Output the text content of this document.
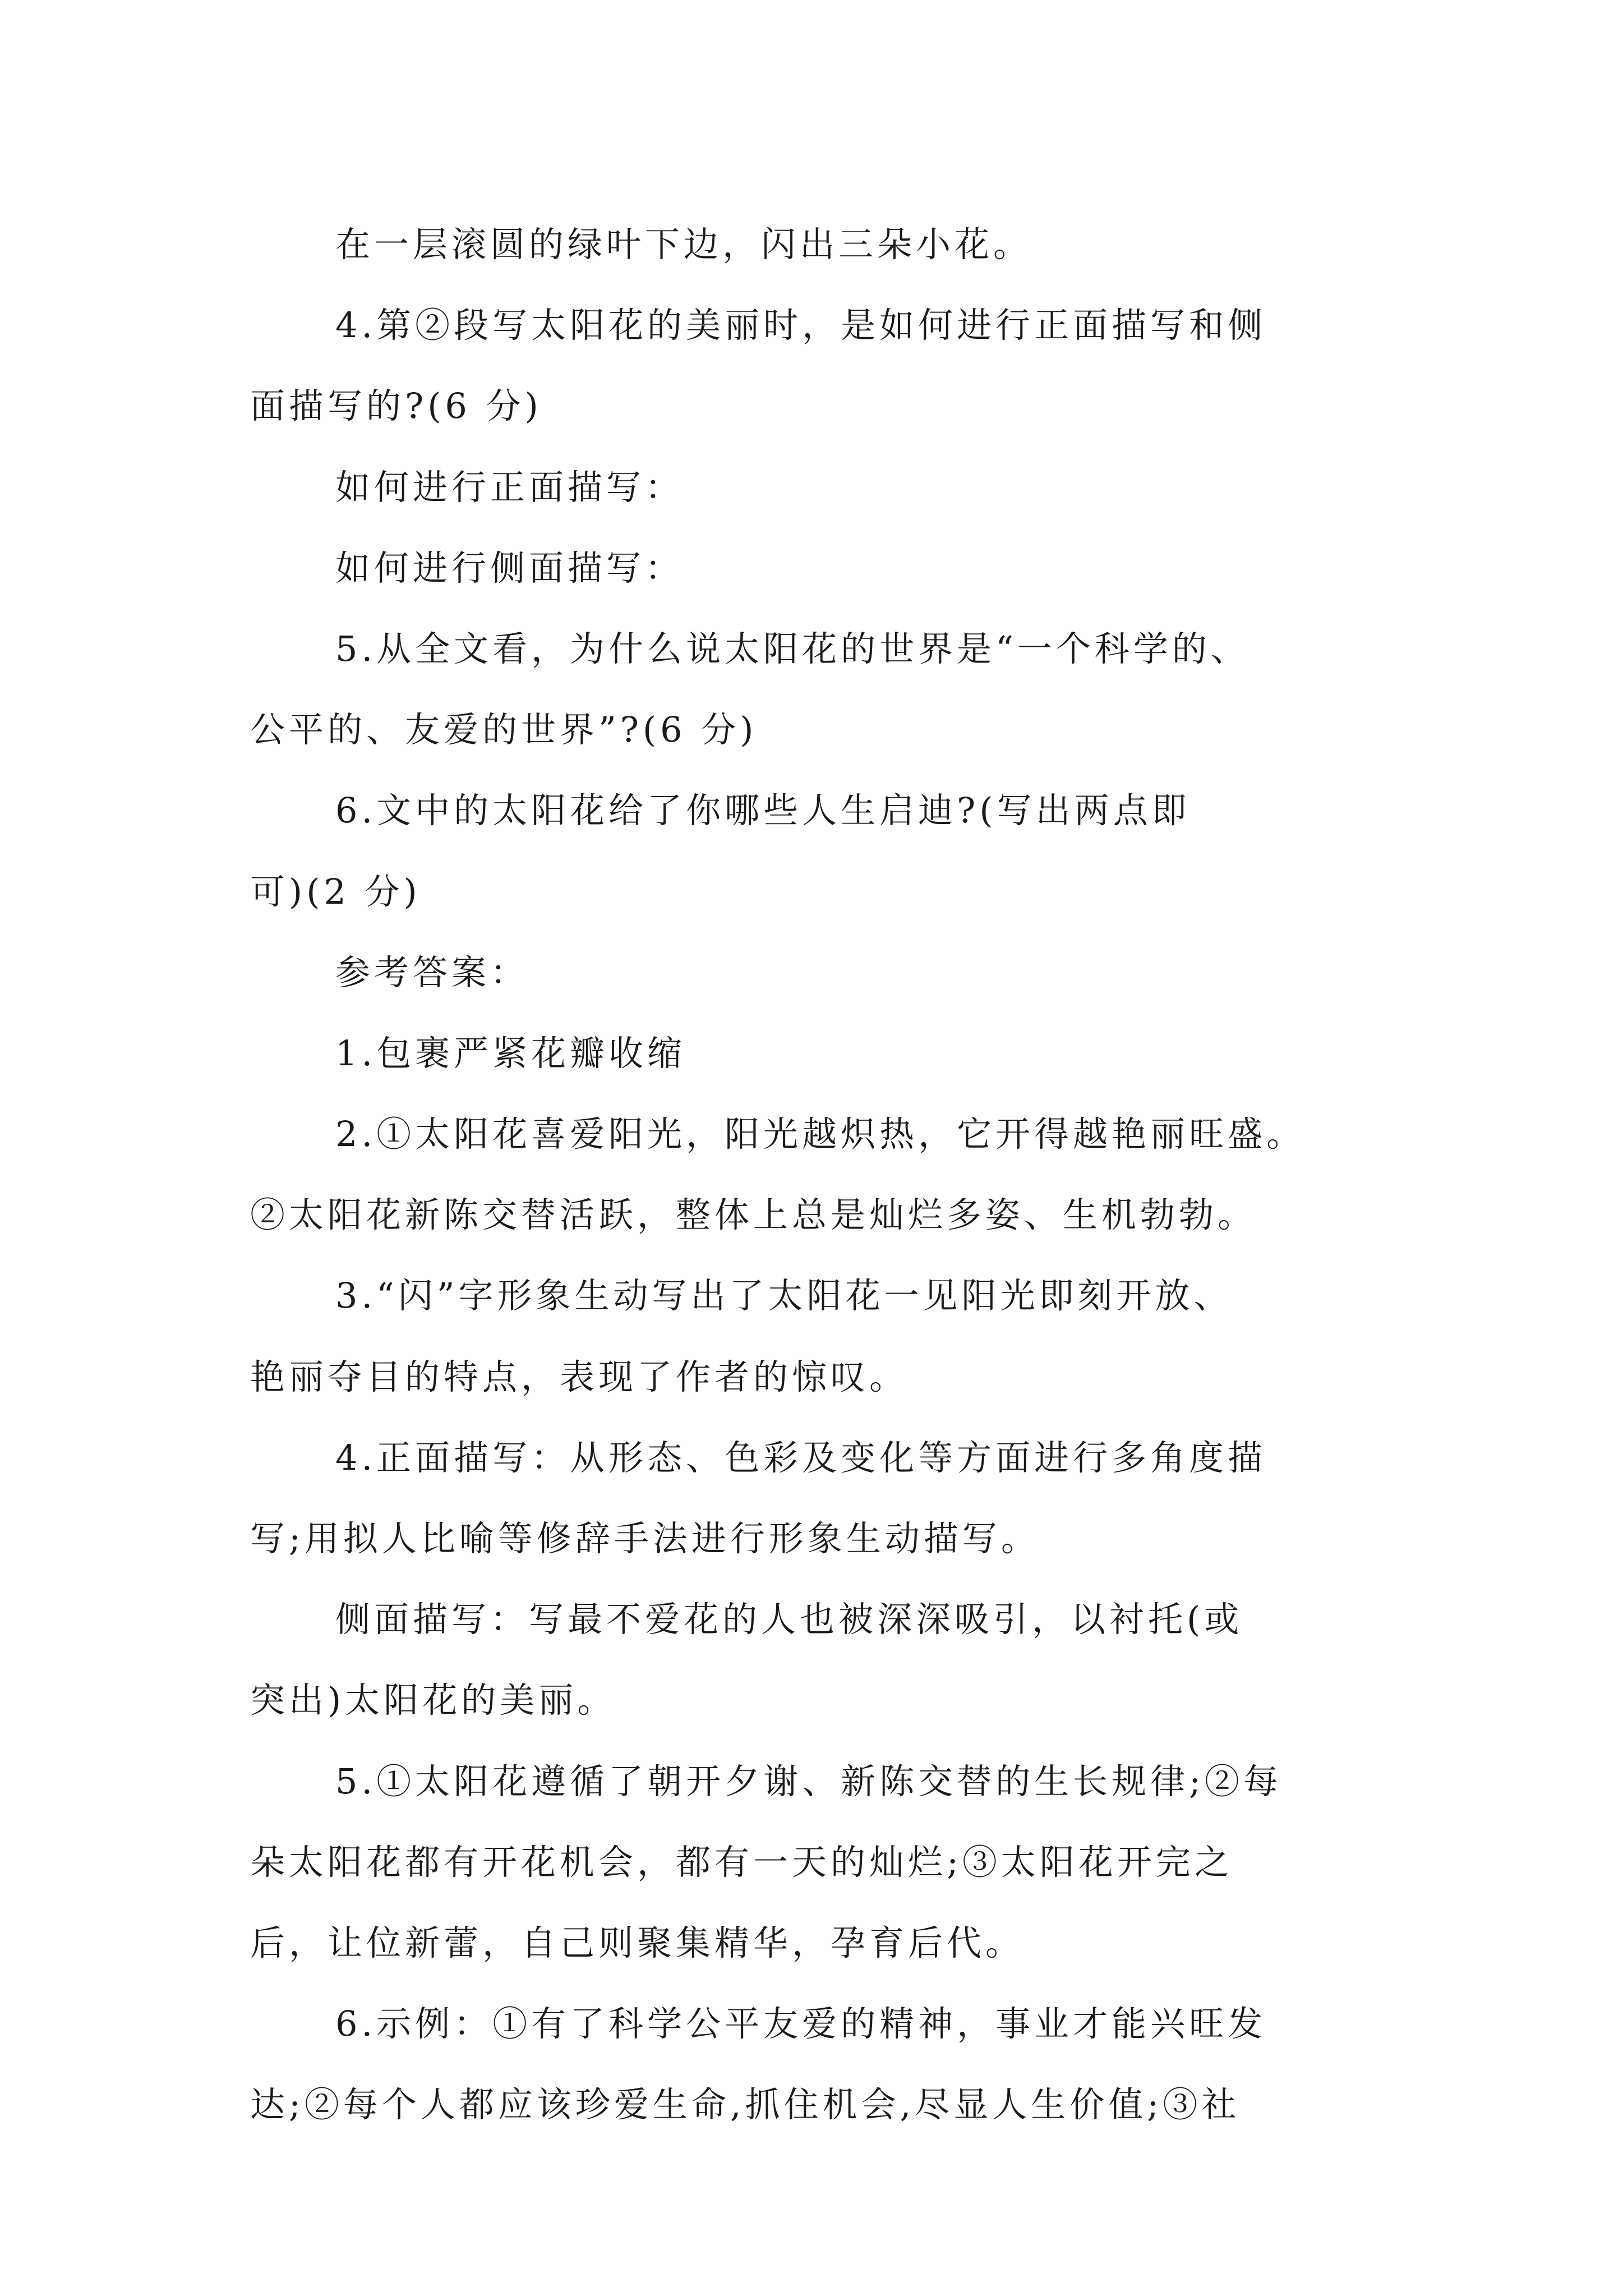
在一层滚圆的绿叶下边，闪出三朵小花。
4.第②段写太阳花的美丽时，是如何进行正面描写和侧
面描写的?(6 分)
如何进行正面描写：
如何进行侧面描写：
5.从全文看，为什么说太阳花的世界是“一个科学的、
公平的、友爱的世界”?(6 分)
6.文中的太阳花给了你哪些人生启迪?(写出两点即
可)(2 分)
参考答案：
1.包裹严紧花瓣收缩
2.①太阳花喜爱阳光，阳光越炽热，它开得越艳丽旺盛。
②太阳花新陈交替活跃，整体上总是灿烂多姿、生机勃勃。
3.“闪”字形象生动写出了太阳花一见阳光即刻开放、
艳丽夺目的特点，表现了作者的惊叹。
4.正面描写：从形态、色彩及变化等方面进行多角度描
写;用拟人比喻等修辞手法进行形象生动描写。
侧面描写：写最不爱花的人也被深深吸引，以衬托(或
突出)太阳花的美丽。
5.①太阳花遵循了朝开夕谢、新陈交替的生长规律;②每
朵太阳花都有开花机会，都有一天的灿烂;③太阳花开完之
后，让位新蕾，自己则聚集精华，孕育后代。
6.示例：①有了科学公平友爱的精神，事业才能兴旺发
达;②每个人都应该珍爱生命,抓住机会,尽显人生价值;③社
